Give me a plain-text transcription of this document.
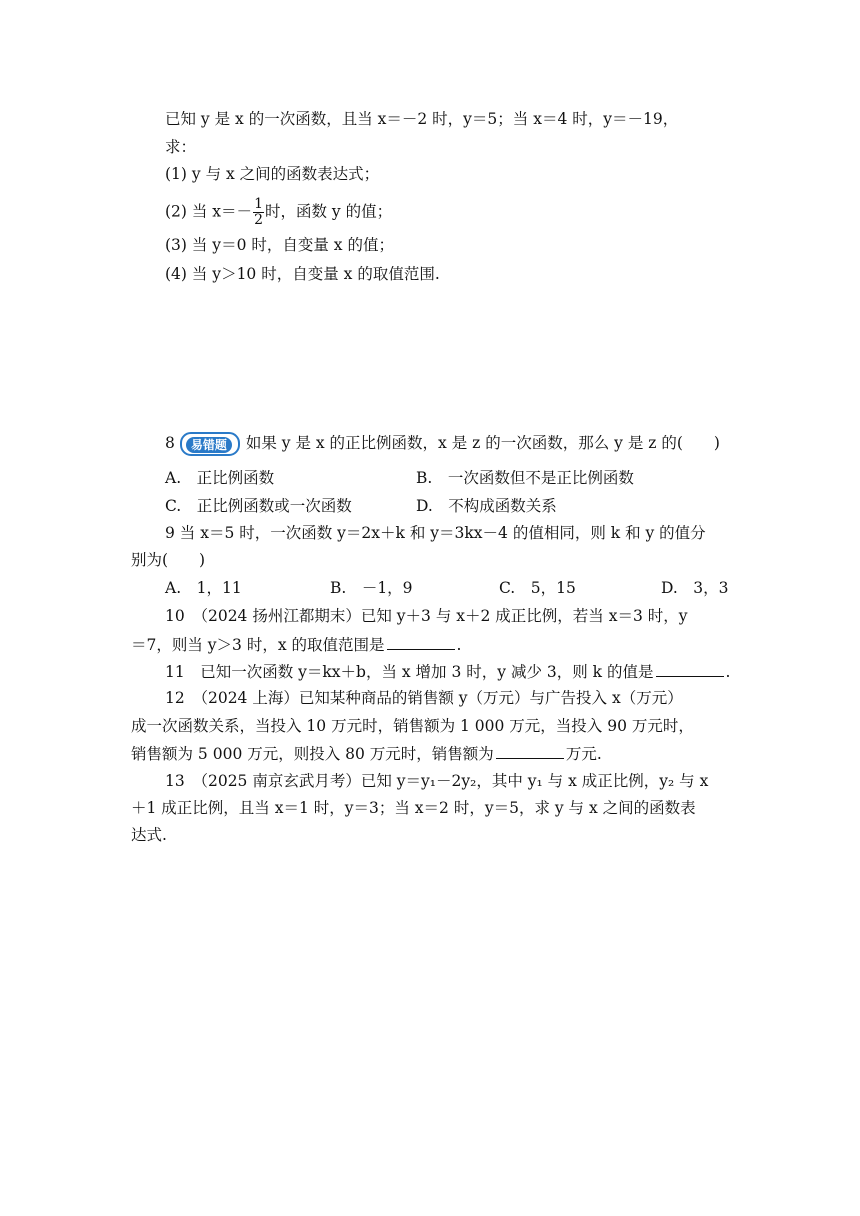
已知 y 是 x 的一次函数，且当 x＝－2 时，y＝5；当 x＝4 时，y＝－19，
求：
(1) y 与 x 之间的函数表达式；
(2) 当 $x=- \frac{1}{2}$ 时，函数 y 的值；
(3) 当 y＝0 时，自变量 x 的值；
(4) 当 y＞10 时，自变量 x 的取值范围.
8 易错题 如果 y 是 x 的正比例函数，x 是 z 的一次函数，那么 y 是 z 的(　　)
A.　正比例函数	B.　一次函数但不是正比例函数
C.　正比例函数或一次函数	D.　不构成函数关系
9 当 x＝5 时，一次函数 y＝2x＋k 和 y＝3kx－4 的值相同，则 k 和 y 的值分
别为(　　)
A.　1，11	B.　－1，9	C.　5，15	D.　3，3
10　（2024 扬州江都期末）已知 y＋3 与 x＋2 成正比例，若当 x＝3 时，y
＝7，则当 y＞3 时，x 的取值范围是	.
11　已知一次函数 y＝kx＋b，当 x 增加 3 时，y 减少 3，则 k 的值是	.
12　（2024 上海）已知某种商品的销售额 y（万元）与广告投入 x（万元）
成一次函数关系，当投入 10 万元时，销售额为 1 000 万元，当投入 90 万元时，
销售额为 5 000 万元，则投入 80 万元时，销售额为	万元.
13　（2025 南京玄武月考）已知 y＝y₁－2y₂，其中 y₁ 与 x 成正比例，y₂ 与 x
＋1 成正比例，且当 x＝1 时，y＝3；当 x＝2 时，y＝5，求 y 与 x 之间的函数表
达式.
